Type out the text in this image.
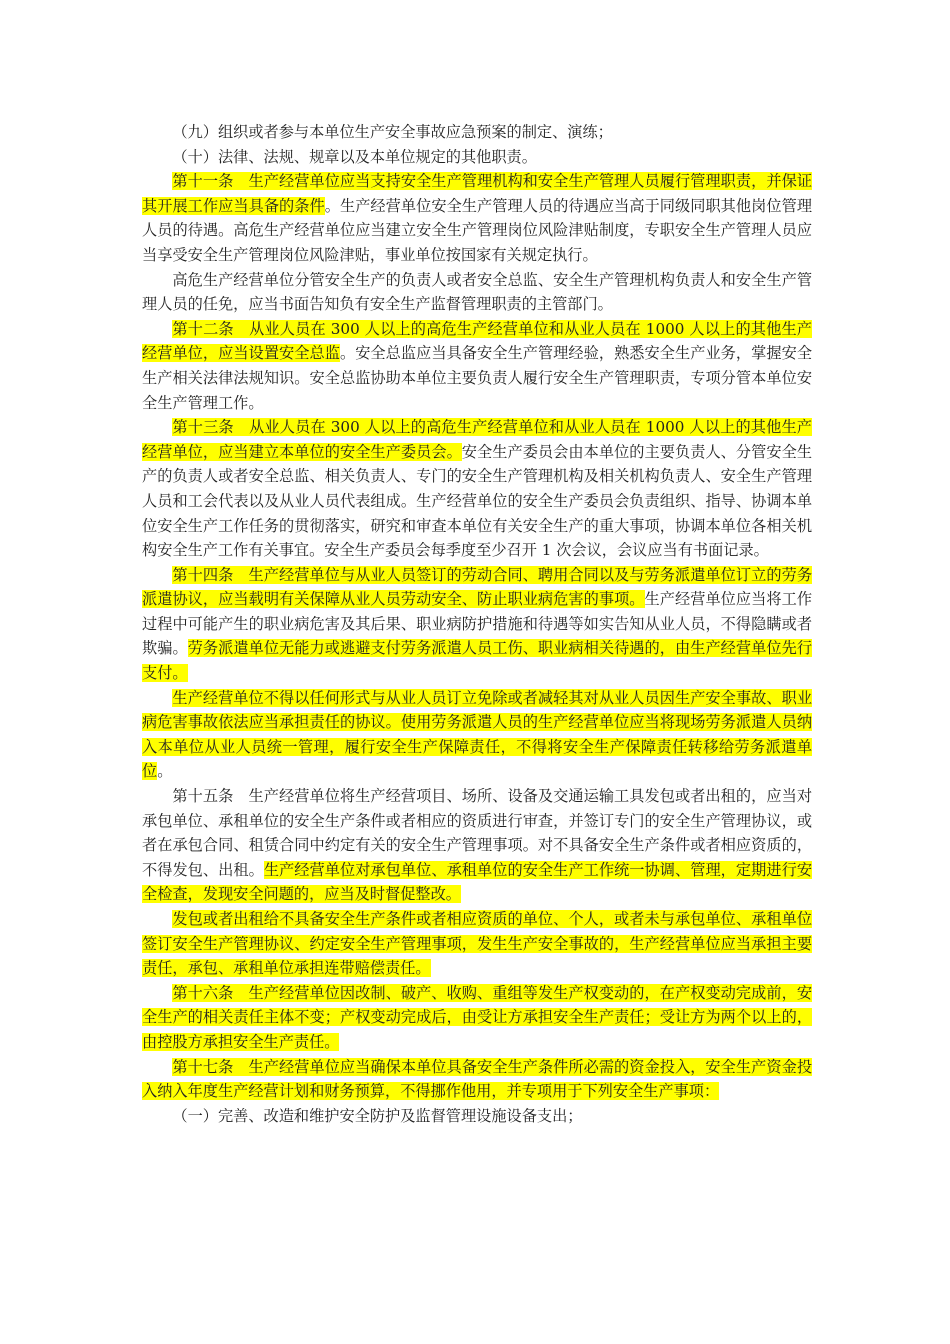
（九）组织或者参与本单位生产安全事故应急预案的制定、演练；

（十）法律、法规、规章以及本单位规定的其他职责。

第十一条　生产经营单位应当支持安全生产管理机构和安全生产管理人员履行管理职责，并保证其开展工作应当具备的条件。生产经营单位安全生产管理人员的待遇应当高于同级同职其他岗位管理人员的待遇。高危生产经营单位应当建立安全生产管理岗位风险津贴制度，专职安全生产管理人员应当享受安全生产管理岗位风险津贴，事业单位按国家有关规定执行。

高危生产经营单位分管安全生产的负责人或者安全总监、安全生产管理机构负责人和安全生产管理人员的任免，应当书面告知负有安全生产监督管理职责的主管部门。

第十二条　从业人员在 300 人以上的高危生产经营单位和从业人员在 1000 人以上的其他生产经营单位，应当设置安全总监。安全总监应当具备安全生产管理经验，熟悉安全生产业务，掌握安全生产相关法律法规知识。安全总监协助本单位主要负责人履行安全生产管理职责，专项分管本单位安全生产管理工作。

第十三条　从业人员在 300 人以上的高危生产经营单位和从业人员在 1000 人以上的其他生产经营单位，应当建立本单位的安全生产委员会。安全生产委员会由本单位的主要负责人、分管安全生产的负责人或者安全总监、相关负责人、专门的安全生产管理机构及相关机构负责人、安全生产管理人员和工会代表以及从业人员代表组成。生产经营单位的安全生产委员会负责组织、指导、协调本单位安全生产工作任务的贯彻落实，研究和审查本单位有关安全生产的重大事项，协调本单位各相关机构安全生产工作有关事宜。安全生产委员会每季度至少召开 1 次会议，会议应当有书面记录。

第十四条　生产经营单位与从业人员签订的劳动合同、聘用合同以及与劳务派遣单位订立的劳务派遣协议，应当载明有关保障从业人员劳动安全、防止职业病危害的事项。生产经营单位应当将工作过程中可能产生的职业病危害及其后果、职业病防护措施和待遇等如实告知从业人员，不得隐瞒或者欺骗。劳务派遣单位无能力或逃避支付劳务派遣人员工伤、职业病相关待遇的，由生产经营单位先行支付。

生产经营单位不得以任何形式与从业人员订立免除或者减轻其对从业人员因生产安全事故、职业病危害事故依法应当承担责任的协议。使用劳务派遣人员的生产经营单位应当将现场劳务派遣人员纳入本单位从业人员统一管理，履行安全生产保障责任，不得将安全生产保障责任转移给劳务派遣单位。

第十五条　生产经营单位将生产经营项目、场所、设备及交通运输工具发包或者出租的，应当对承包单位、承租单位的安全生产条件或者相应的资质进行审查，并签订专门的安全生产管理协议，或者在承包合同、租赁合同中约定有关的安全生产管理事项。对不具备安全生产条件或者相应资质的，不得发包、出租。生产经营单位对承包单位、承租单位的安全生产工作统一协调、管理，定期进行安全检查，发现安全问题的，应当及时督促整改。

发包或者出租给不具备安全生产条件或者相应资质的单位、个人，或者未与承包单位、承租单位签订安全生产管理协议、约定安全生产管理事项，发生生产安全事故的，生产经营单位应当承担主要责任，承包、承租单位承担连带赔偿责任。

第十六条　生产经营单位因改制、破产、收购、重组等发生产权变动的，在产权变动完成前，安全生产的相关责任主体不变；产权变动完成后，由受让方承担安全生产责任；受让方为两个以上的，由控股方承担安全生产责任。

第十七条　生产经营单位应当确保本单位具备安全生产条件所必需的资金投入，安全生产资金投入纳入年度生产经营计划和财务预算，不得挪作他用，并专项用于下列安全生产事项：

（一）完善、改造和维护安全防护及监督管理设施设备支出；
